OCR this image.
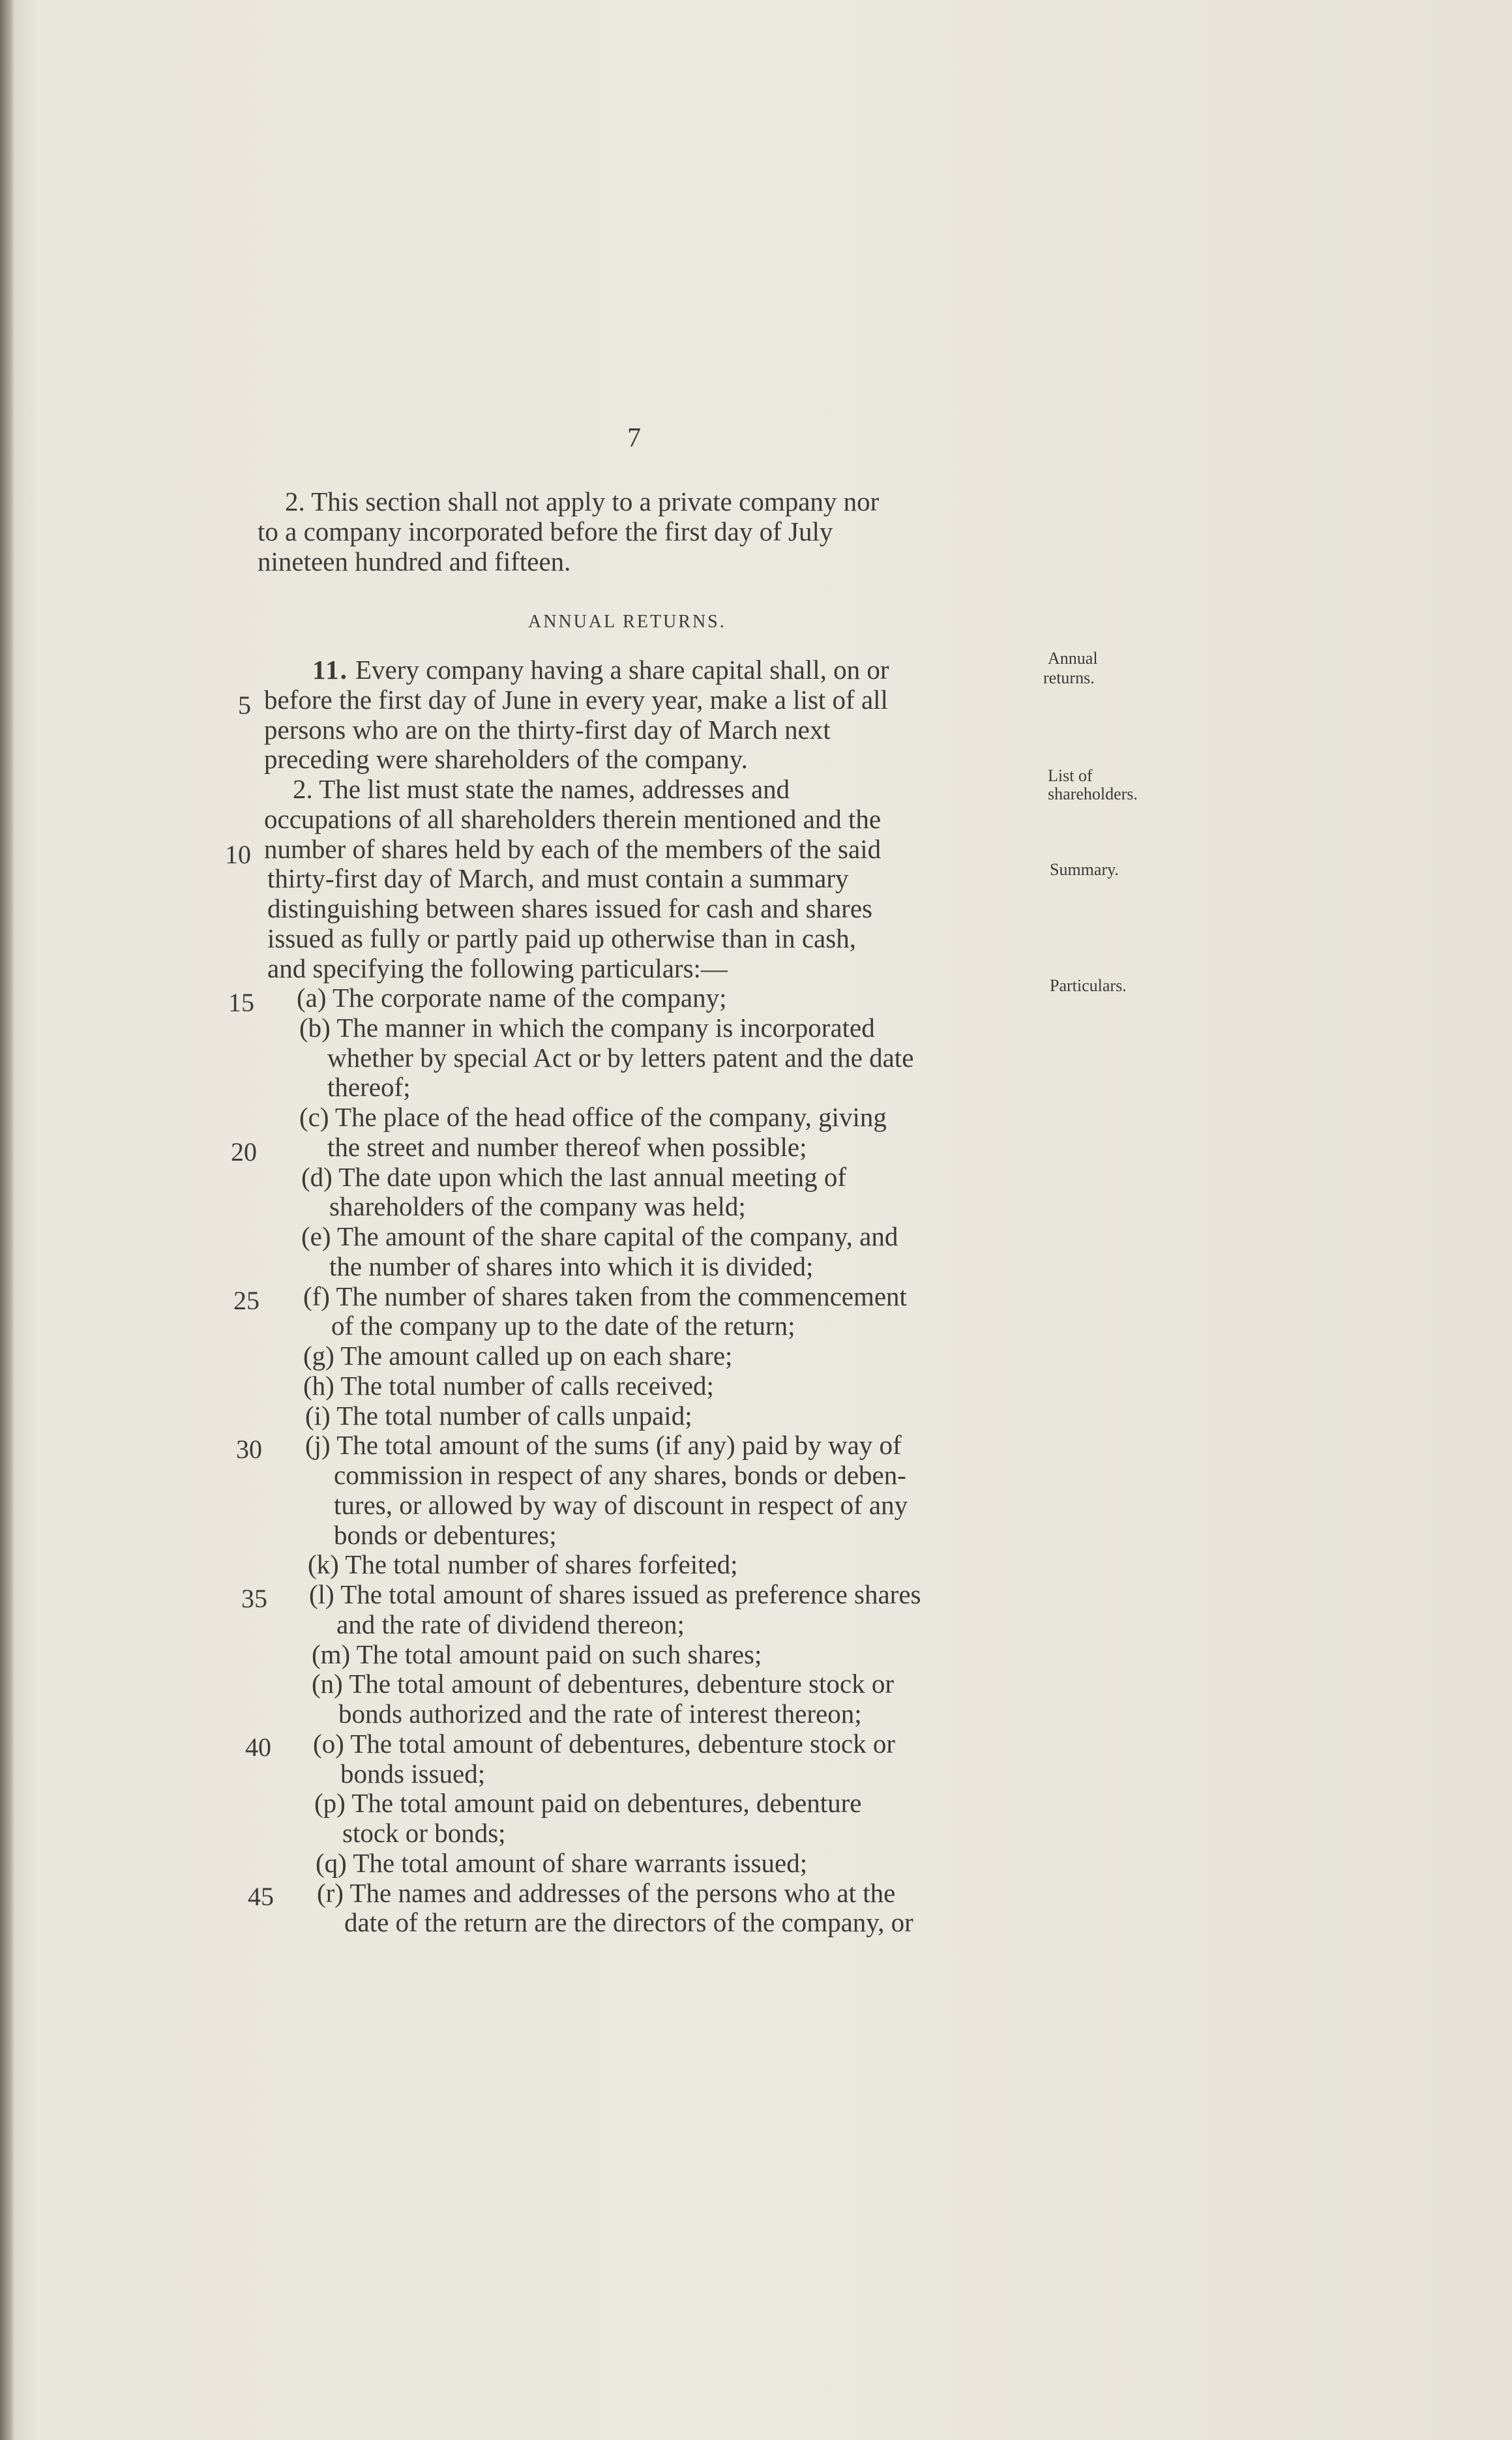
7
2. This section shall not apply to a private company nor
to a company incorporated before the first day of July
nineteen hundred and fifteen.
ANNUAL RETURNS.
11. Every company having a share capital shall, on or
before the first day of June in every year, make a list of all
persons who are on the thirty-first day of March next
preceding were shareholders of the company.
2. The list must state the names, addresses and
occupations of all shareholders therein mentioned and the
number of shares held by each of the members of the said
thirty-first day of March, and must contain a summary
distinguishing between shares issued for cash and shares
issued as fully or partly paid up otherwise than in cash,
and specifying the following particulars:—
(a) The corporate name of the company;
(b) The manner in which the company is incorporated
whether by special Act or by letters patent and the date
thereof;
(c) The place of the head office of the company, giving
the street and number thereof when possible;
(d) The date upon which the last annual meeting of
shareholders of the company was held;
(e) The amount of the share capital of the company, and
the number of shares into which it is divided;
(f) The number of shares taken from the commencement
of the company up to the date of the return;
(g) The amount called up on each share;
(h) The total number of calls received;
(i) The total number of calls unpaid;
(j) The total amount of the sums (if any) paid by way of
commission in respect of any shares, bonds or deben-
tures, or allowed by way of discount in respect of any
bonds or debentures;
(k) The total number of shares forfeited;
(l) The total amount of shares issued as preference shares
and the rate of dividend thereon;
(m) The total amount paid on such shares;
(n) The total amount of debentures, debenture stock or
bonds authorized and the rate of interest thereon;
(o) The total amount of debentures, debenture stock or
bonds issued;
(p) The total amount paid on debentures, debenture
stock or bonds;
(q) The total amount of share warrants issued;
(r) The names and addresses of the persons who at the
date of the return are the directors of the company, or
5
10
15
20
25
30
35
40
45
Annual
returns.
List of
shareholders.
Summary.
Particulars.
